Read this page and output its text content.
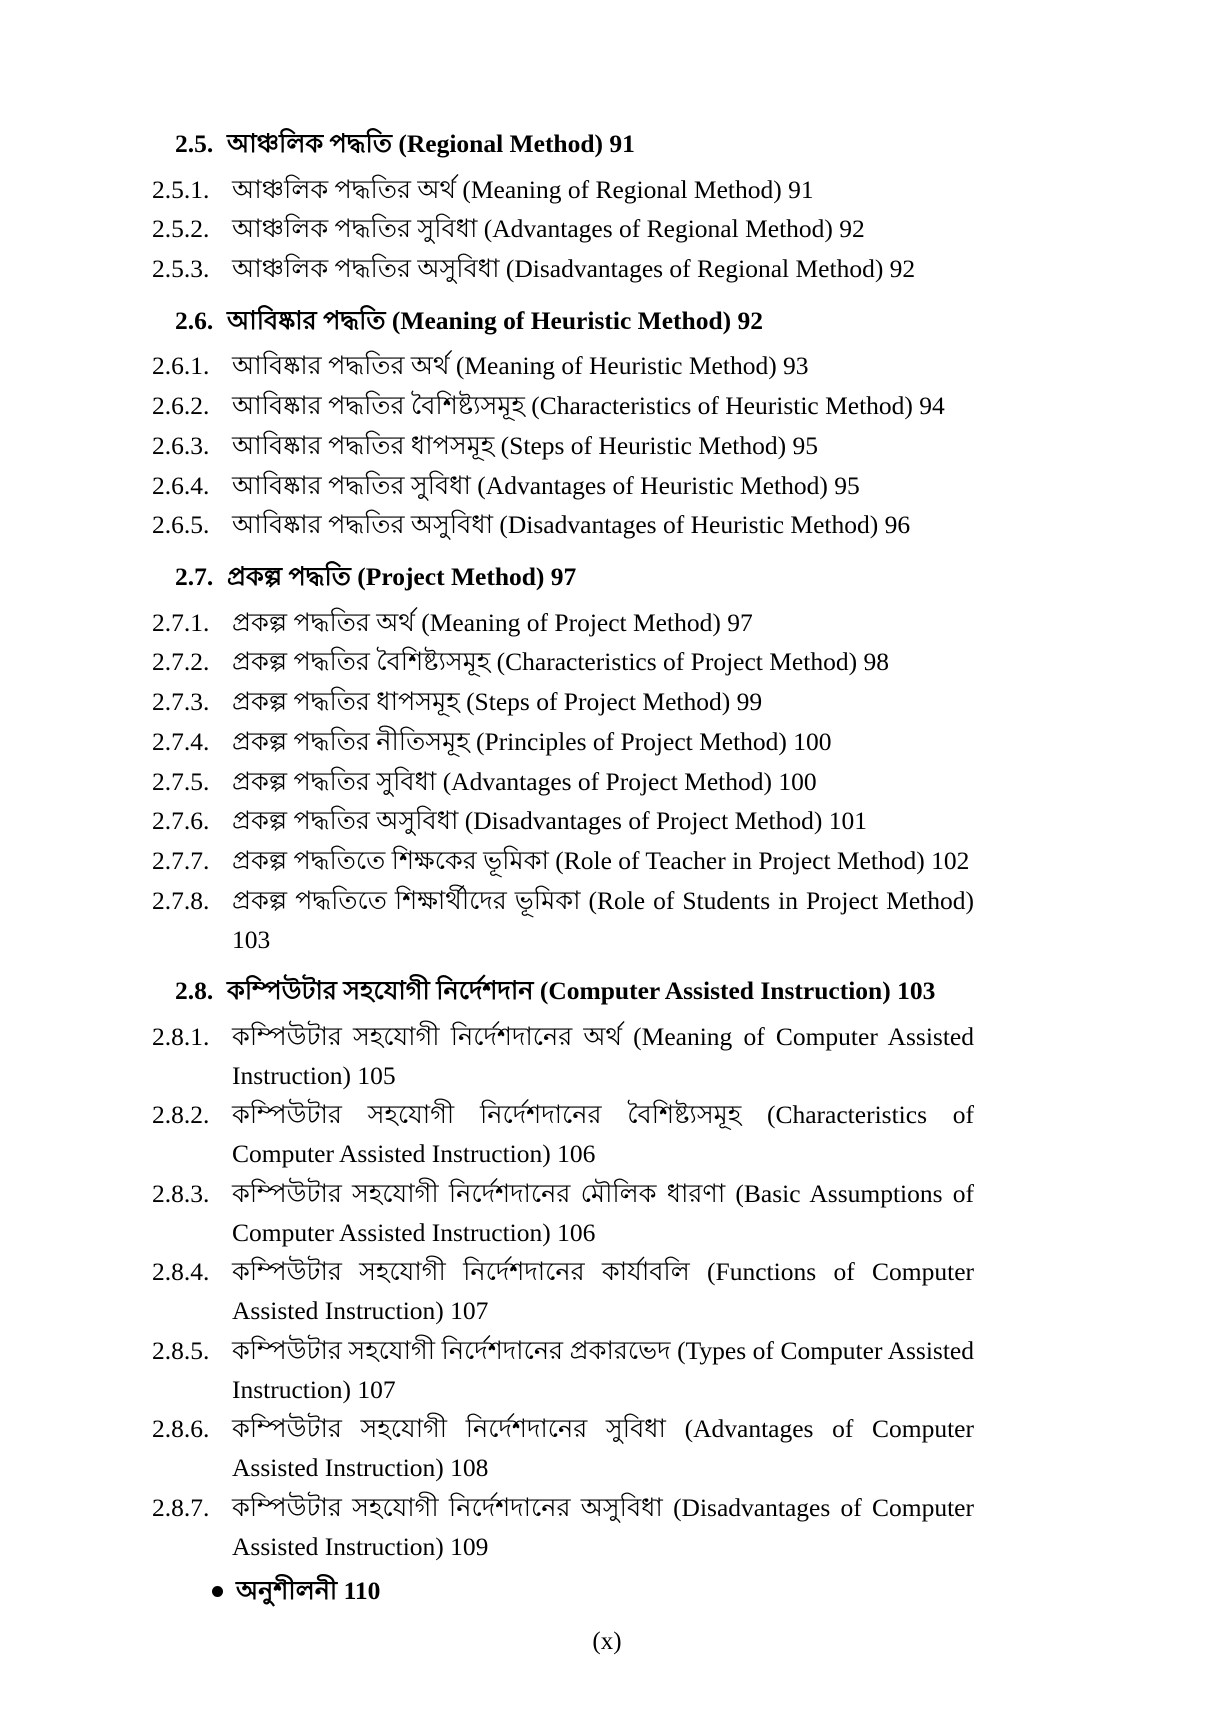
2.5. আঞ্চলিক পদ্ধতি (Regional Method) 91
2.5.1. আঞ্চলিক পদ্ধতির অর্থ (Meaning of Regional Method) 91
2.5.2. আঞ্চলিক পদ্ধতির সুবিধা (Advantages of Regional Method) 92
2.5.3. আঞ্চলিক পদ্ধতির অসুবিধা (Disadvantages of Regional Method) 92
2.6. আবিষ্কার পদ্ধতি (Meaning of Heuristic Method) 92
2.6.1. আবিষ্কার পদ্ধতির অর্থ (Meaning of Heuristic Method) 93
2.6.2. আবিষ্কার পদ্ধতির বৈশিষ্ট্যসমূহ (Characteristics of Heuristic Method) 94
2.6.3. আবিষ্কার পদ্ধতির ধাপসমূহ (Steps of Heuristic Method) 95
2.6.4. আবিষ্কার পদ্ধতির সুবিধা (Advantages of Heuristic Method) 95
2.6.5. আবিষ্কার পদ্ধতির অসুবিধা (Disadvantages of Heuristic Method) 96
2.7. প্রকল্প পদ্ধতি (Project Method) 97
2.7.1. প্রকল্প পদ্ধতির অর্থ (Meaning of Project Method) 97
2.7.2. প্রকল্প পদ্ধতির বৈশিষ্ট্যসমূহ (Characteristics of Project Method) 98
2.7.3. প্রকল্প পদ্ধতির ধাপসমূহ (Steps of Project Method) 99
2.7.4. প্রকল্প পদ্ধতির নীতিসমূহ (Principles of Project Method) 100
2.7.5. প্রকল্প পদ্ধতির সুবিধা (Advantages of Project Method) 100
2.7.6. প্রকল্প পদ্ধতির অসুবিধা (Disadvantages of Project Method) 101
2.7.7. প্রকল্প পদ্ধতিতে শিক্ষকের ভূমিকা (Role of Teacher in Project Method) 102
2.7.8. প্রকল্প পদ্ধতিতে শিক্ষার্থীদের ভূমিকা (Role of Students in Project Method) 103
2.8. কম্পিউটার সহযোগী নির্দেশদান (Computer Assisted Instruction) 103
2.8.1. কম্পিউটার সহযোগী নির্দেশদানের অর্থ (Meaning of Computer Assisted Instruction) 105
2.8.2. কম্পিউটার সহযোগী নির্দেশদানের বৈশিষ্ট্যসমূহ (Characteristics of Computer Assisted Instruction) 106
2.8.3. কম্পিউটার সহযোগী নির্দেশদানের মৌলিক ধারণা (Basic Assumptions of Computer Assisted Instruction) 106
2.8.4. কম্পিউটার সহযোগী নির্দেশদানের কার্যাবলি (Functions of Computer Assisted Instruction) 107
2.8.5. কম্পিউটার সহযোগী নির্দেশদানের প্রকারভেদ (Types of Computer Assisted Instruction) 107
2.8.6. কম্পিউটার সহযোগী নির্দেশদানের সুবিধা (Advantages of Computer Assisted Instruction) 108
2.8.7. কম্পিউটার সহযোগী নির্দেশদানের অসুবিধা (Disadvantages of Computer Assisted Instruction) 109
অনুশীলনী 110
(x)
